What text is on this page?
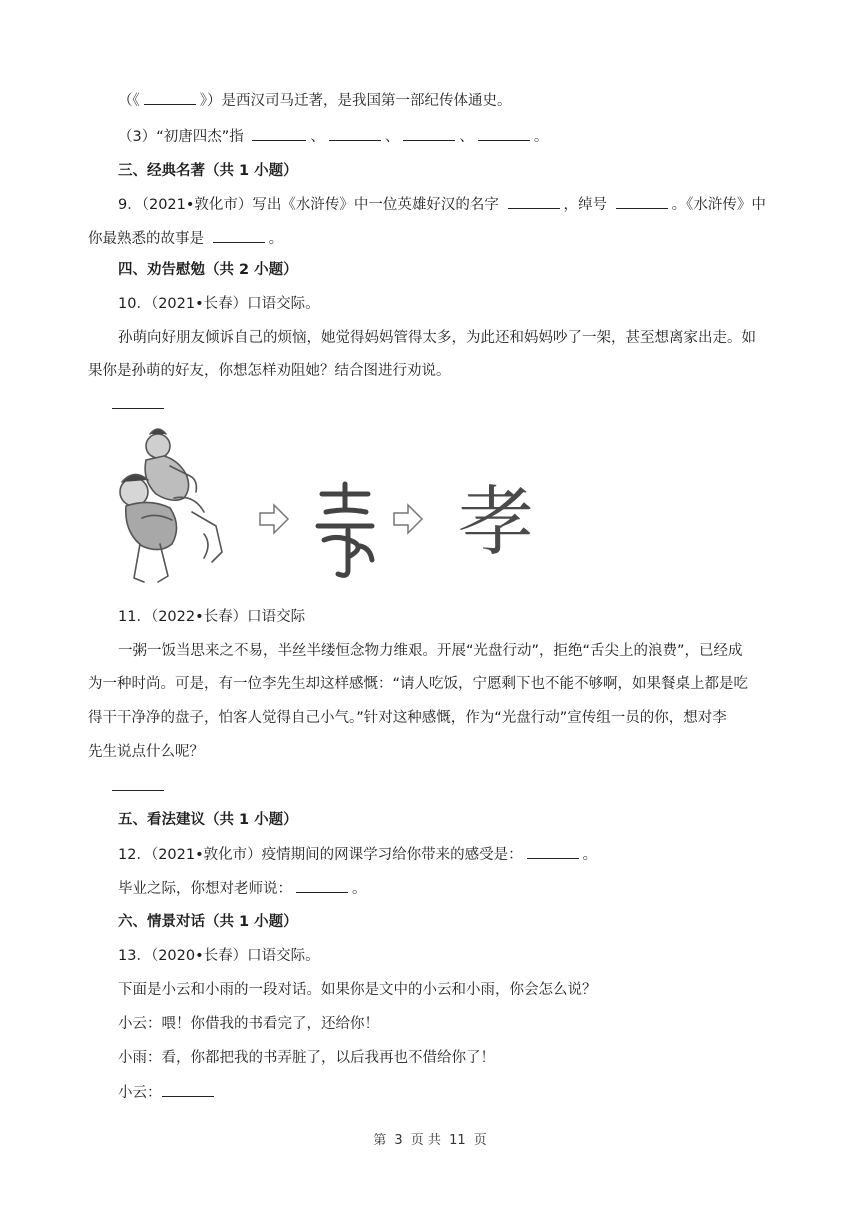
（《	》）是西汉司马迁著，是我国第一部纪传体通史。
（3）“初唐四杰”指	、	、	、	。
三、经典名著（共 1 小题）
9．（2021•敦化市）写出《水浒传》中一位英雄好汉的名字	，绰号	。《水浒传》中
你最熟悉的故事是	。
四、劝告慰勉（共 2 小题）
10．（2021•长春）口语交际。
孙萌向好朋友倾诉自己的烦恼，她觉得妈妈管得太多，为此还和妈妈吵了一架，甚至想离家出走。如
果你是孙萌的好友，你想怎样劝阻她？结合图进行劝说。
孝
11．（2022•长春）口语交际
一粥一饭当思来之不易，半丝半缕恒念物力维艰。开展“光盘行动”，拒绝“舌尖上的浪费”，已经成
为一种时尚。可是，有一位李先生却这样感慨：“请人吃饭，宁愿剩下也不能不够啊，如果餐桌上都是吃
得干干净净的盘子，怕客人觉得自己小气。”针对这种感慨，作为“光盘行动”宣传组一员的你，想对李
先生说点什么呢？
五、看法建议（共 1 小题）
12．（2021•敦化市）疫情期间的网课学习给你带来的感受是：	。
毕业之际，你想对老师说：	。
六、情景对话（共 1 小题）
13．（2020•长春）口语交际。
下面是小云和小雨的一段对话。如果你是文中的小云和小雨，你会怎么说？
小云：喂！你借我的书看完了，还给你！
小雨：看，你都把我的书弄脏了，以后我再也不借给你了！
小云：
第 3 页 共 11 页
